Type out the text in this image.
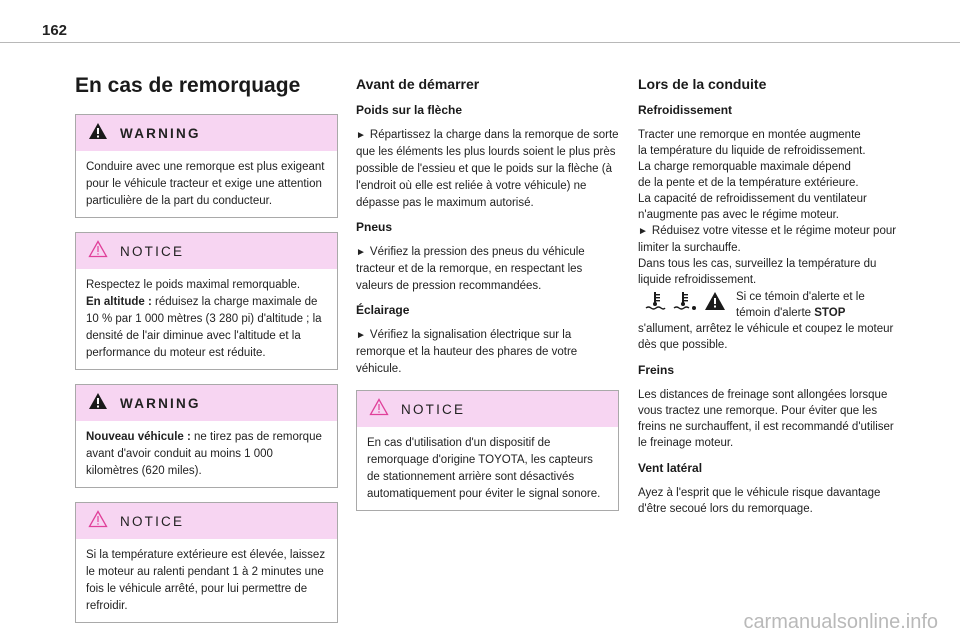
162
En cas de remorquage
WARNING

Conduire avec une remorque est plus exigeant pour le véhicule tracteur et exige une attention particulière de la part du conducteur.

NOTICE

Respectez le poids maximal remorquable.

En altitude : réduisez la charge maximale de 10 % par 1 000 mètres (3 280 pi) d'altitude ; la densité de l'air diminue avec l'altitude et la performance du moteur est réduite.

WARNING

Nouveau véhicule : ne tirez pas de remorque avant d'avoir conduit au moins 1 000 kilomètres (620 miles).

NOTICE

Si la température extérieure est élevée, laissez le moteur au ralenti pendant 1 à 2 minutes une fois le véhicule arrêté, pour lui permettre de refroidir.

Avant de démarrer
Poids sur la flèche
► Répartissez la charge dans la remorque de sorte que les éléments les plus lourds soient le plus près possible de l'essieu et que le poids sur la flèche (à l'endroit où elle est reliée à votre véhicule) ne dépasse pas le maximum autorisé.
Pneus
► Vérifiez la pression des pneus du véhicule tracteur et de la remorque, en respectant les valeurs de pression recommandées.
Éclairage
► Vérifiez la signalisation électrique sur la remorque et la hauteur des phares de votre véhicule.
NOTICE

En cas d'utilisation d'un dispositif de remorquage d'origine TOYOTA, les capteurs de stationnement arrière sont désactivés automatiquement pour éviter le signal sonore.

Lors de la conduite
Refroidissement
Tracter une remorque en montée augmente
la température du liquide de refroidissement.
La charge remorquable maximale dépend
de la pente et de la température extérieure.
La capacité de refroidissement du ventilateur
n'augmente pas avec le régime moteur.
► Réduisez votre vitesse et le régime moteur pour limiter la surchauffe.
Dans tous les cas, surveillez la température du
liquide refroidissement.
Si ce témoin d'alerte et le
témoin d'alerte STOP

s'allument, arrêtez le véhicule et coupez le moteur dès que possible.

Freins

Les distances de freinage sont allongées lorsque vous tractez une remorque. Pour éviter que les freins ne surchauffent, il est recommandé d'utiliser le freinage moteur.

Vent latéral

Ayez à l'esprit que le véhicule risque davantage d'être secoué lors du remorquage.

carmanualsonline.info
